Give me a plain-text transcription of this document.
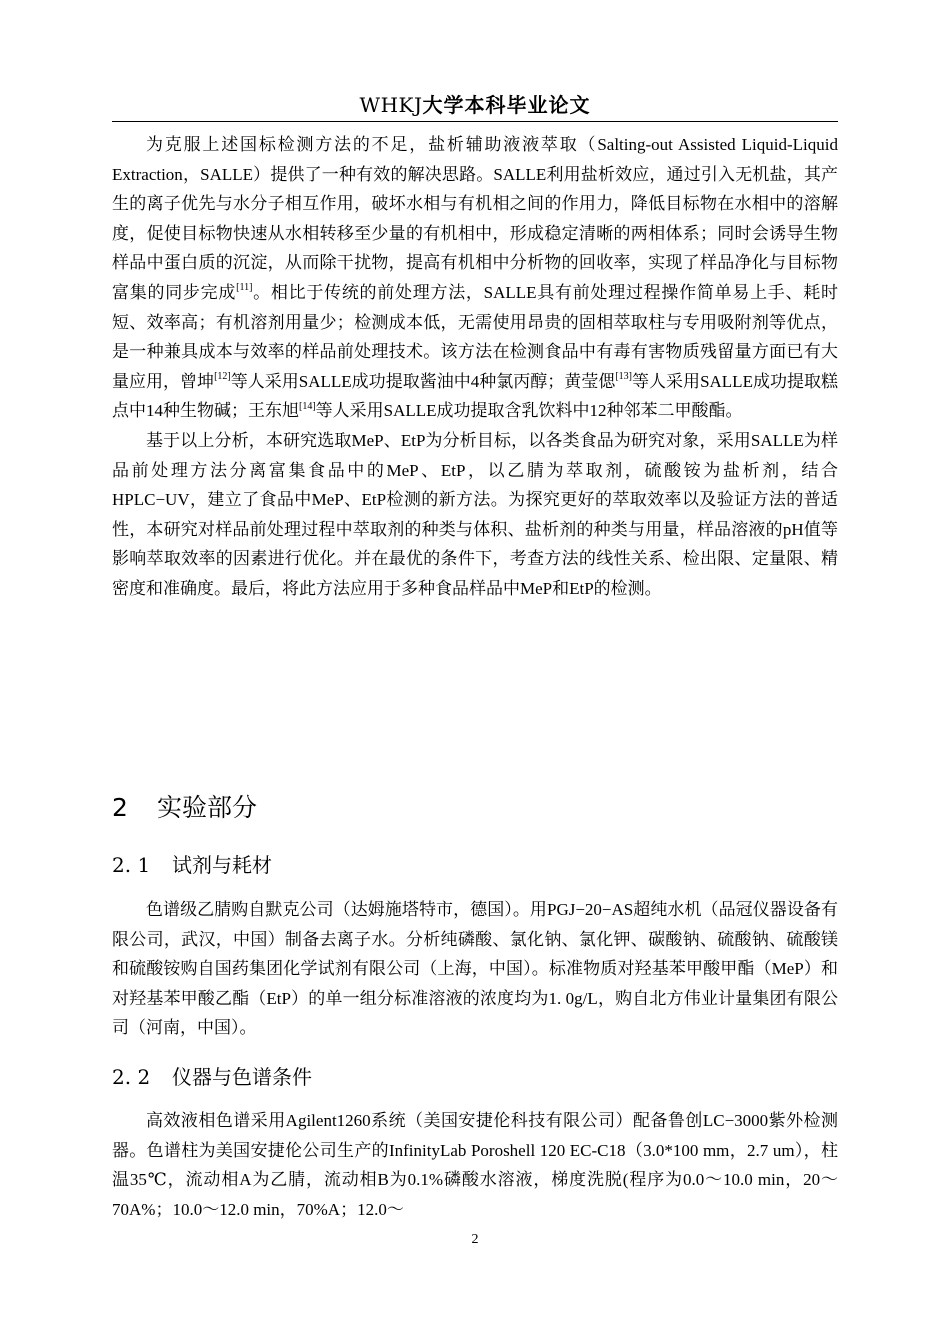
WHKJ大学本科毕业论文

为克服上述国标检测方法的不足，盐析辅助液液萃取（Salting-out Assisted Liquid-Liquid Extraction，SALLE）提供了一种有效的解决思路。SALLE利用盐析效应，通过引入无机盐，其产生的离子优先与水分子相互作用，破坏水相与有机相之间的作用力，降低目标物在水相中的溶解度，促使目标物快速从水相转移至少量的有机相中，形成稳定清晰的两相体系；同时会诱导生物样品中蛋白质的沉淀，从而除干扰物，提高有机相中分析物的回收率，实现了样品净化与目标物富集的同步完成[11]。相比于传统的前处理方法，SALLE具有前处理过程操作简单易上手、耗时短、效率高；有机溶剂用量少；检测成本低，无需使用昂贵的固相萃取柱与专用吸附剂等优点，是一种兼具成本与效率的样品前处理技术。该方法在检测食品中有毒有害物质残留量方面已有大量应用，曾坤[12]等人采用SALLE成功提取酱油中4种氯丙醇；黄莹偲[13]等人采用SALLE成功提取糕点中14种生物碱；王东旭[14]等人采用SALLE成功提取含乳饮料中12种邻苯二甲酸酯。

基于以上分析，本研究选取MeP、EtP为分析目标，以各类食品为研究对象，采用SALLE为样品前处理方法分离富集食品中的MeP、EtP，以乙腈为萃取剂，硫酸铵为盐析剂，结合HPLC−UV，建立了食品中MeP、EtP检测的新方法。为探究更好的萃取效率以及验证方法的普适性，本研究对样品前处理过程中萃取剂的种类与体积、盐析剂的种类与用量，样品溶液的pH值等影响萃取效率的因素进行优化。并在最优的条件下，考查方法的线性关系、检出限、定量限、精密度和准确度。最后，将此方法应用于多种食品样品中MeP和EtP的检测。

2 实验部分
2. 1 试剂与耗材

色谱级乙腈购自默克公司（达姆施塔特市，德国）。用PGJ−20−AS超纯水机（品冠仪器设备有限公司，武汉，中国）制备去离子水。分析纯磷酸、氯化钠、氯化钾、碳酸钠、硫酸钠、硫酸镁和硫酸铵购自国药集团化学试剂有限公司（上海，中国）。标准物质对羟基苯甲酸甲酯（MeP）和对羟基苯甲酸乙酯（EtP）的单一组分标准溶液的浓度均为1. 0g/L，购自北方伟业计量集团有限公司（河南，中国）。

2. 2 仪器与色谱条件

高效液相色谱采用Agilent1260系统（美国安捷伦科技有限公司）配备鲁创LC−3000紫外检测器。色谱柱为美国安捷伦公司生产的InfinityLab Poroshell 120 EC-C18（3.0*100 mm，2.7 um），柱温35℃，流动相A为乙腈，流动相B为0.1%磷酸水溶液，梯度洗脱(程序为0.0～10.0 min，20～70A%；10.0～12.0 min，70%A；12.0～

2
